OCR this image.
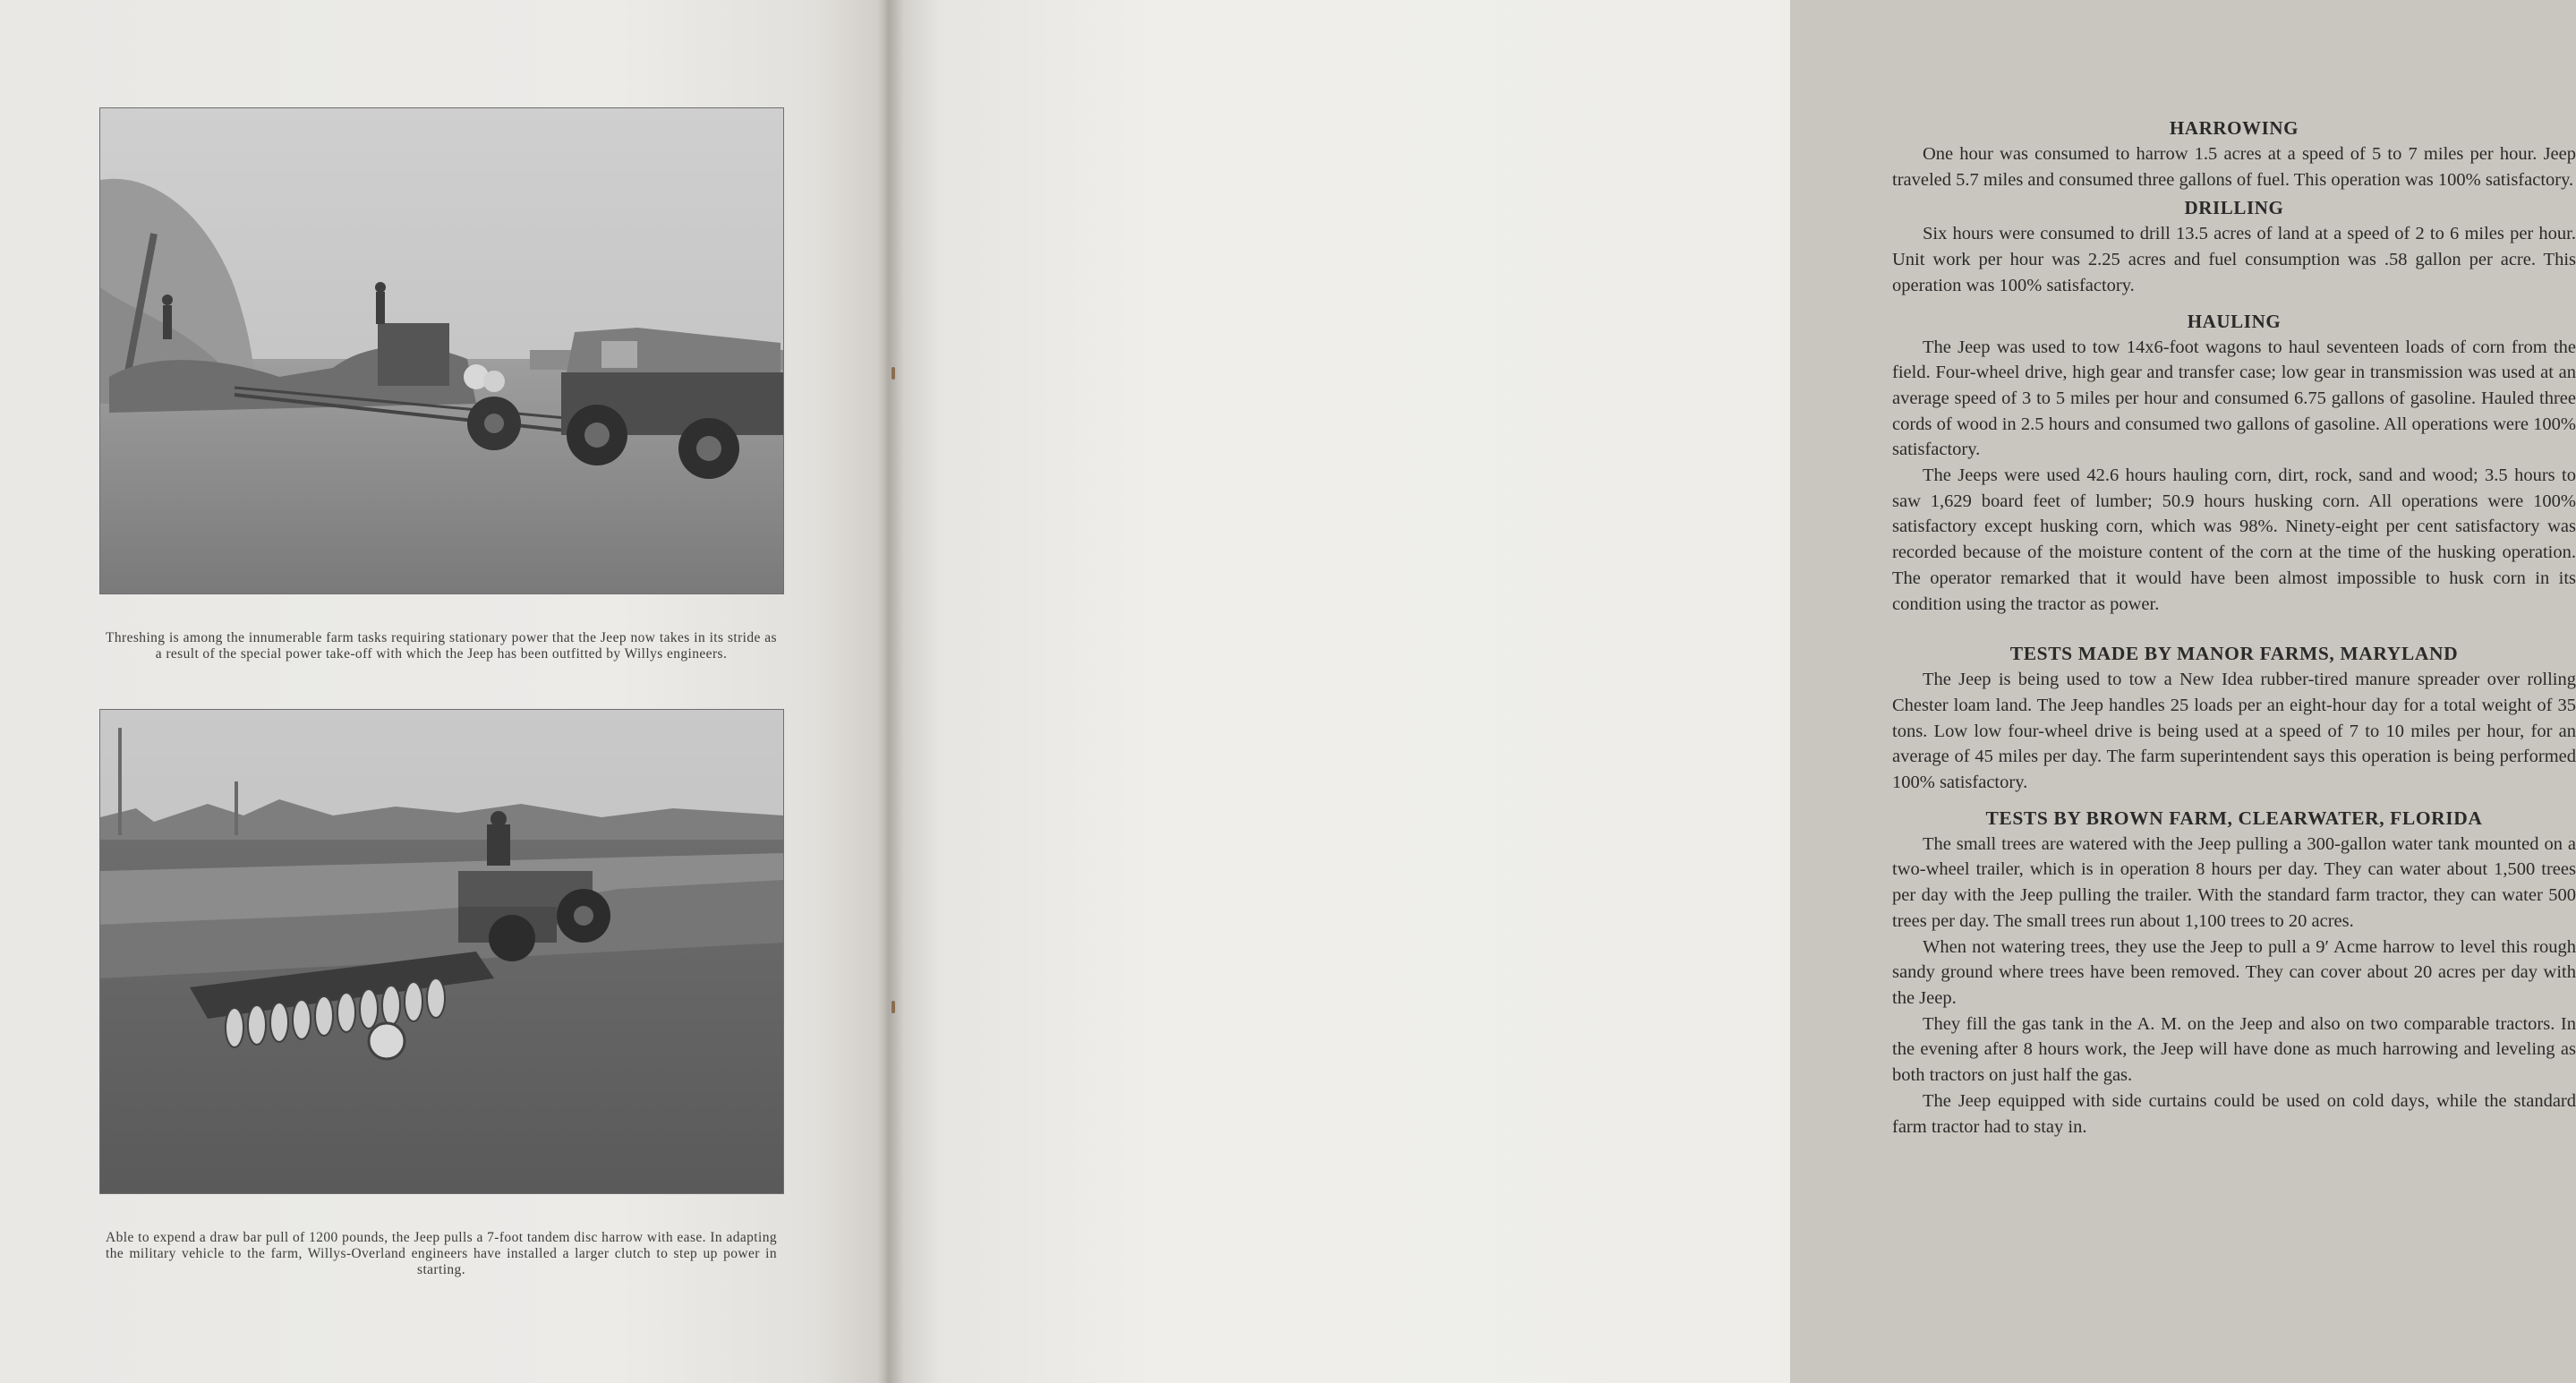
Threshing is among the innumerable farm tasks requiring stationary power that the Jeep now takes in its stride as a result of the special power take-off with which the Jeep has been outfitted by Willys engineers.

Able to expend a draw bar pull of 1200 pounds, the Jeep pulls a 7-foot tandem disc harrow with ease. In adapting the military vehicle to the farm, Willys-Overland engineers have installed a larger clutch to step up power in starting.

HARROWING

One hour was consumed to harrow 1.5 acres at a speed of 5 to 7 miles per hour. Jeep traveled 5.7 miles and consumed three gallons of fuel. This operation was 100% satisfactory.

DRILLING

Six hours were consumed to drill 13.5 acres of land at a speed of 2 to 6 miles per hour. Unit work per hour was 2.25 acres and fuel consumption was .58 gallon per acre. This operation was 100% satisfactory.

HAULING

The Jeep was used to tow 14x6-foot wagons to haul seventeen loads of corn from the field. Four-wheel drive, high gear and transfer case; low gear in transmission was used at an average speed of 3 to 5 miles per hour and consumed 6.75 gallons of gasoline. Hauled three cords of wood in 2.5 hours and consumed two gallons of gasoline. All operations were 100% satisfactory.

The Jeeps were used 42.6 hours hauling corn, dirt, rock, sand and wood; 3.5 hours to saw 1,629 board feet of lumber; 50.9 hours husking corn. All operations were 100% satisfactory except husking corn, which was 98%. Ninety-eight per cent satisfactory was recorded because of the moisture content of the corn at the time of the husking operation. The operator remarked that it would have been almost impossible to husk corn in its condition using the tractor as power.

TESTS MADE BY MANOR FARMS, MARYLAND

The Jeep is being used to tow a New Idea rubber-tired manure spreader over rolling Chester loam land. The Jeep handles 25 loads per an eight-hour day for a total weight of 35 tons. Low low four-wheel drive is being used at a speed of 7 to 10 miles per hour, for an average of 45 miles per day. The farm superintendent says this operation is being performed 100% satisfactory.

TESTS BY BROWN FARM, CLEARWATER, FLORIDA

The small trees are watered with the Jeep pulling a 300-gallon water tank mounted on a two-wheel trailer, which is in operation 8 hours per day. They can water about 1,500 trees per day with the Jeep pulling the trailer. With the standard farm tractor, they can water 500 trees per day. The small trees run about 1,100 trees to 20 acres.

When not watering trees, they use the Jeep to pull a 9′ Acme harrow to level this rough sandy ground where trees have been removed. They can cover about 20 acres per day with the Jeep.

They fill the gas tank in the A. M. on the Jeep and also on two comparable tractors. In the evening after 8 hours work, the Jeep will have done as much harrowing and leveling as both tractors on just half the gas.

The Jeep equipped with side curtains could be used on cold days, while the standard farm tractor had to stay in.
